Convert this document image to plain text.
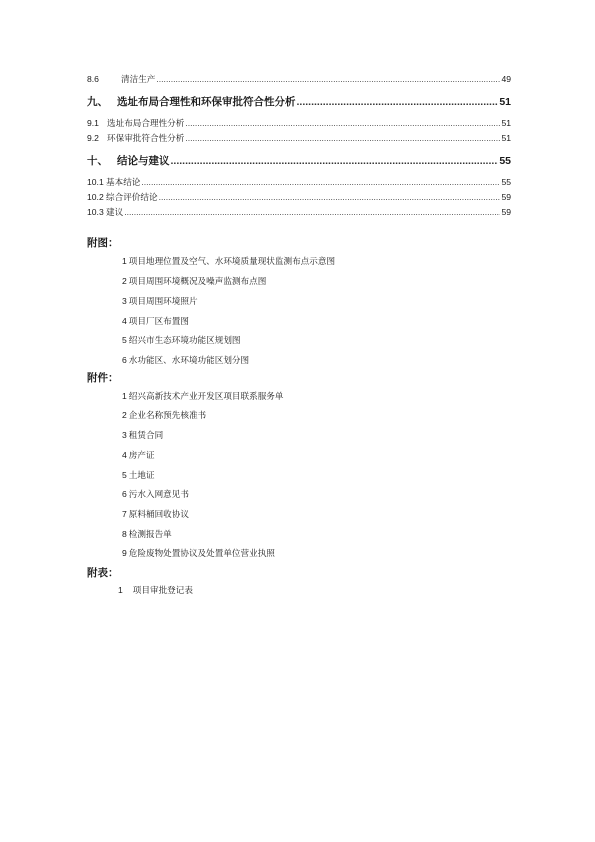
8.6	清洁生产 .....	49
九、 选址布局合理性和环保审批符合性分析 .....	51
9.1 选址布局合理性分析 .....	51
9.2 环保审批符合性分析 .....	51
十、 结论与建议 .....	55
10.1 基本结论 .....	55
10.2 综合评价结论 .....	59
10.3 建议 .....	59
附图：
1 项目地理位置及空气、水环境质量现状监测布点示意图
2 项目周围环境概况及噪声监测布点图
3 项目周围环境照片
4 项目厂区布置图
5 绍兴市生态环境功能区规划图
6 水功能区、水环境功能区划分图
附件：
1 绍兴高新技术产业开发区项目联系服务单
2 企业名称预先核准书
3 租赁合同
4 房产证
5 土地证
6 污水入网意见书
7 原料桶回收协议
8 检测报告单
9 危险废物处置协议及处置单位营业执照
附表：
1 项目审批登记表
